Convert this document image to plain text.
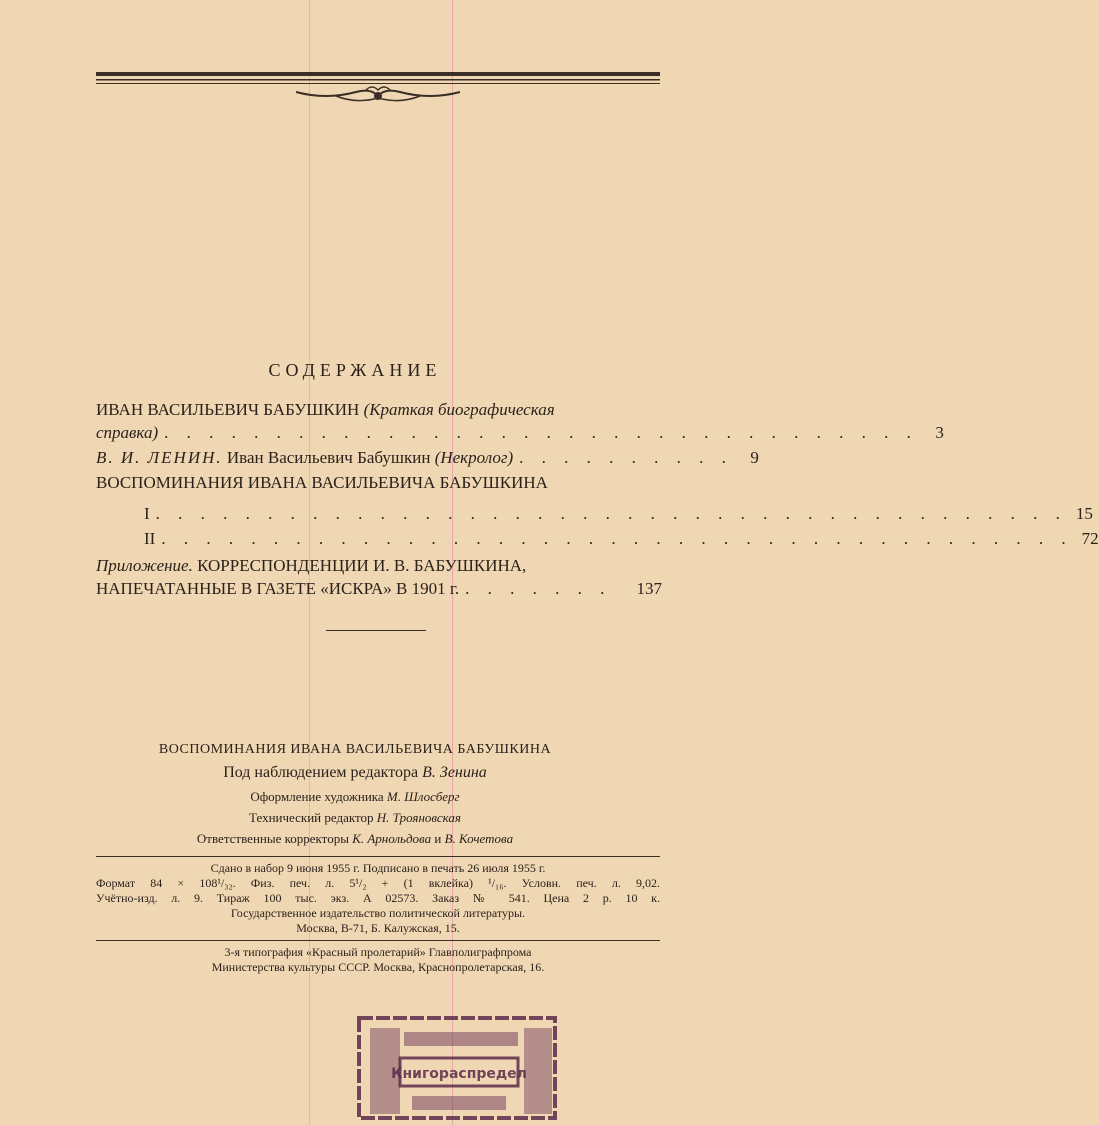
СОДЕРЖАНИЕ
ИВАН ВАСИЛЬЕВИЧ БАБУШКИН (Краткая биографическая
справка) . . . . . . . . . . . . . . . . . . . . . . . . . . . . . . . . . .	3
В. И. ЛЕНИН. Иван Васильевич Бабушкин (Некролог) . . . . . . . . . .	9
ВОСПОМИНАНИЯ ИВАНА ВАСИЛЬЕВИЧА БАБУШКИНА
I . . . . . . . . . . . . . . . . . . . . . . . . . . . . . . . . . . . . . . . . . 15
II . . . . . . . . . . . . . . . . . . . . . . . . . . . . . . . . . . . . . . . . . 72
Приложение. КОРРЕСПОНДЕНЦИИ И. В. БАБУШКИНА,
НАПЕЧАТАННЫЕ В ГАЗЕТЕ «ИСКРА» В 1901 г. . . . . . . .	137
ВОСПОМИНАНИЯ ИВАНА ВАСИЛЬЕВИЧА БАБУШКИНА
Под наблюдением редактора В. Зенина
Оформление художника М. Шлосберг
Технический редактор Н. Трояновская
Ответственные корректоры К. Арнольдова и В. Кочетова
Сдано в набор 9 июня 1955 г. Подписано в печать 26 июля 1955 г.
Формат 84 × 108¹/₃₂. Физ. печ. л. 5¹/₂ + (1 вклейка) ¹/₁₆. Условн. печ. л. 9,02.
Учётно-изд. л. 9. Тираж 100 тыс. экз. А 02573. Заказ № 541. Цена 2 р. 10 к.
Государственное издательство политической литературы.
Москва, В-71, Б. Калужская, 15.
3-я типография «Красный пролетарий» Главполиграфпрома
Министерства культуры СССР. Москва, Краснопролетарская, 16.
Книгораспредел
